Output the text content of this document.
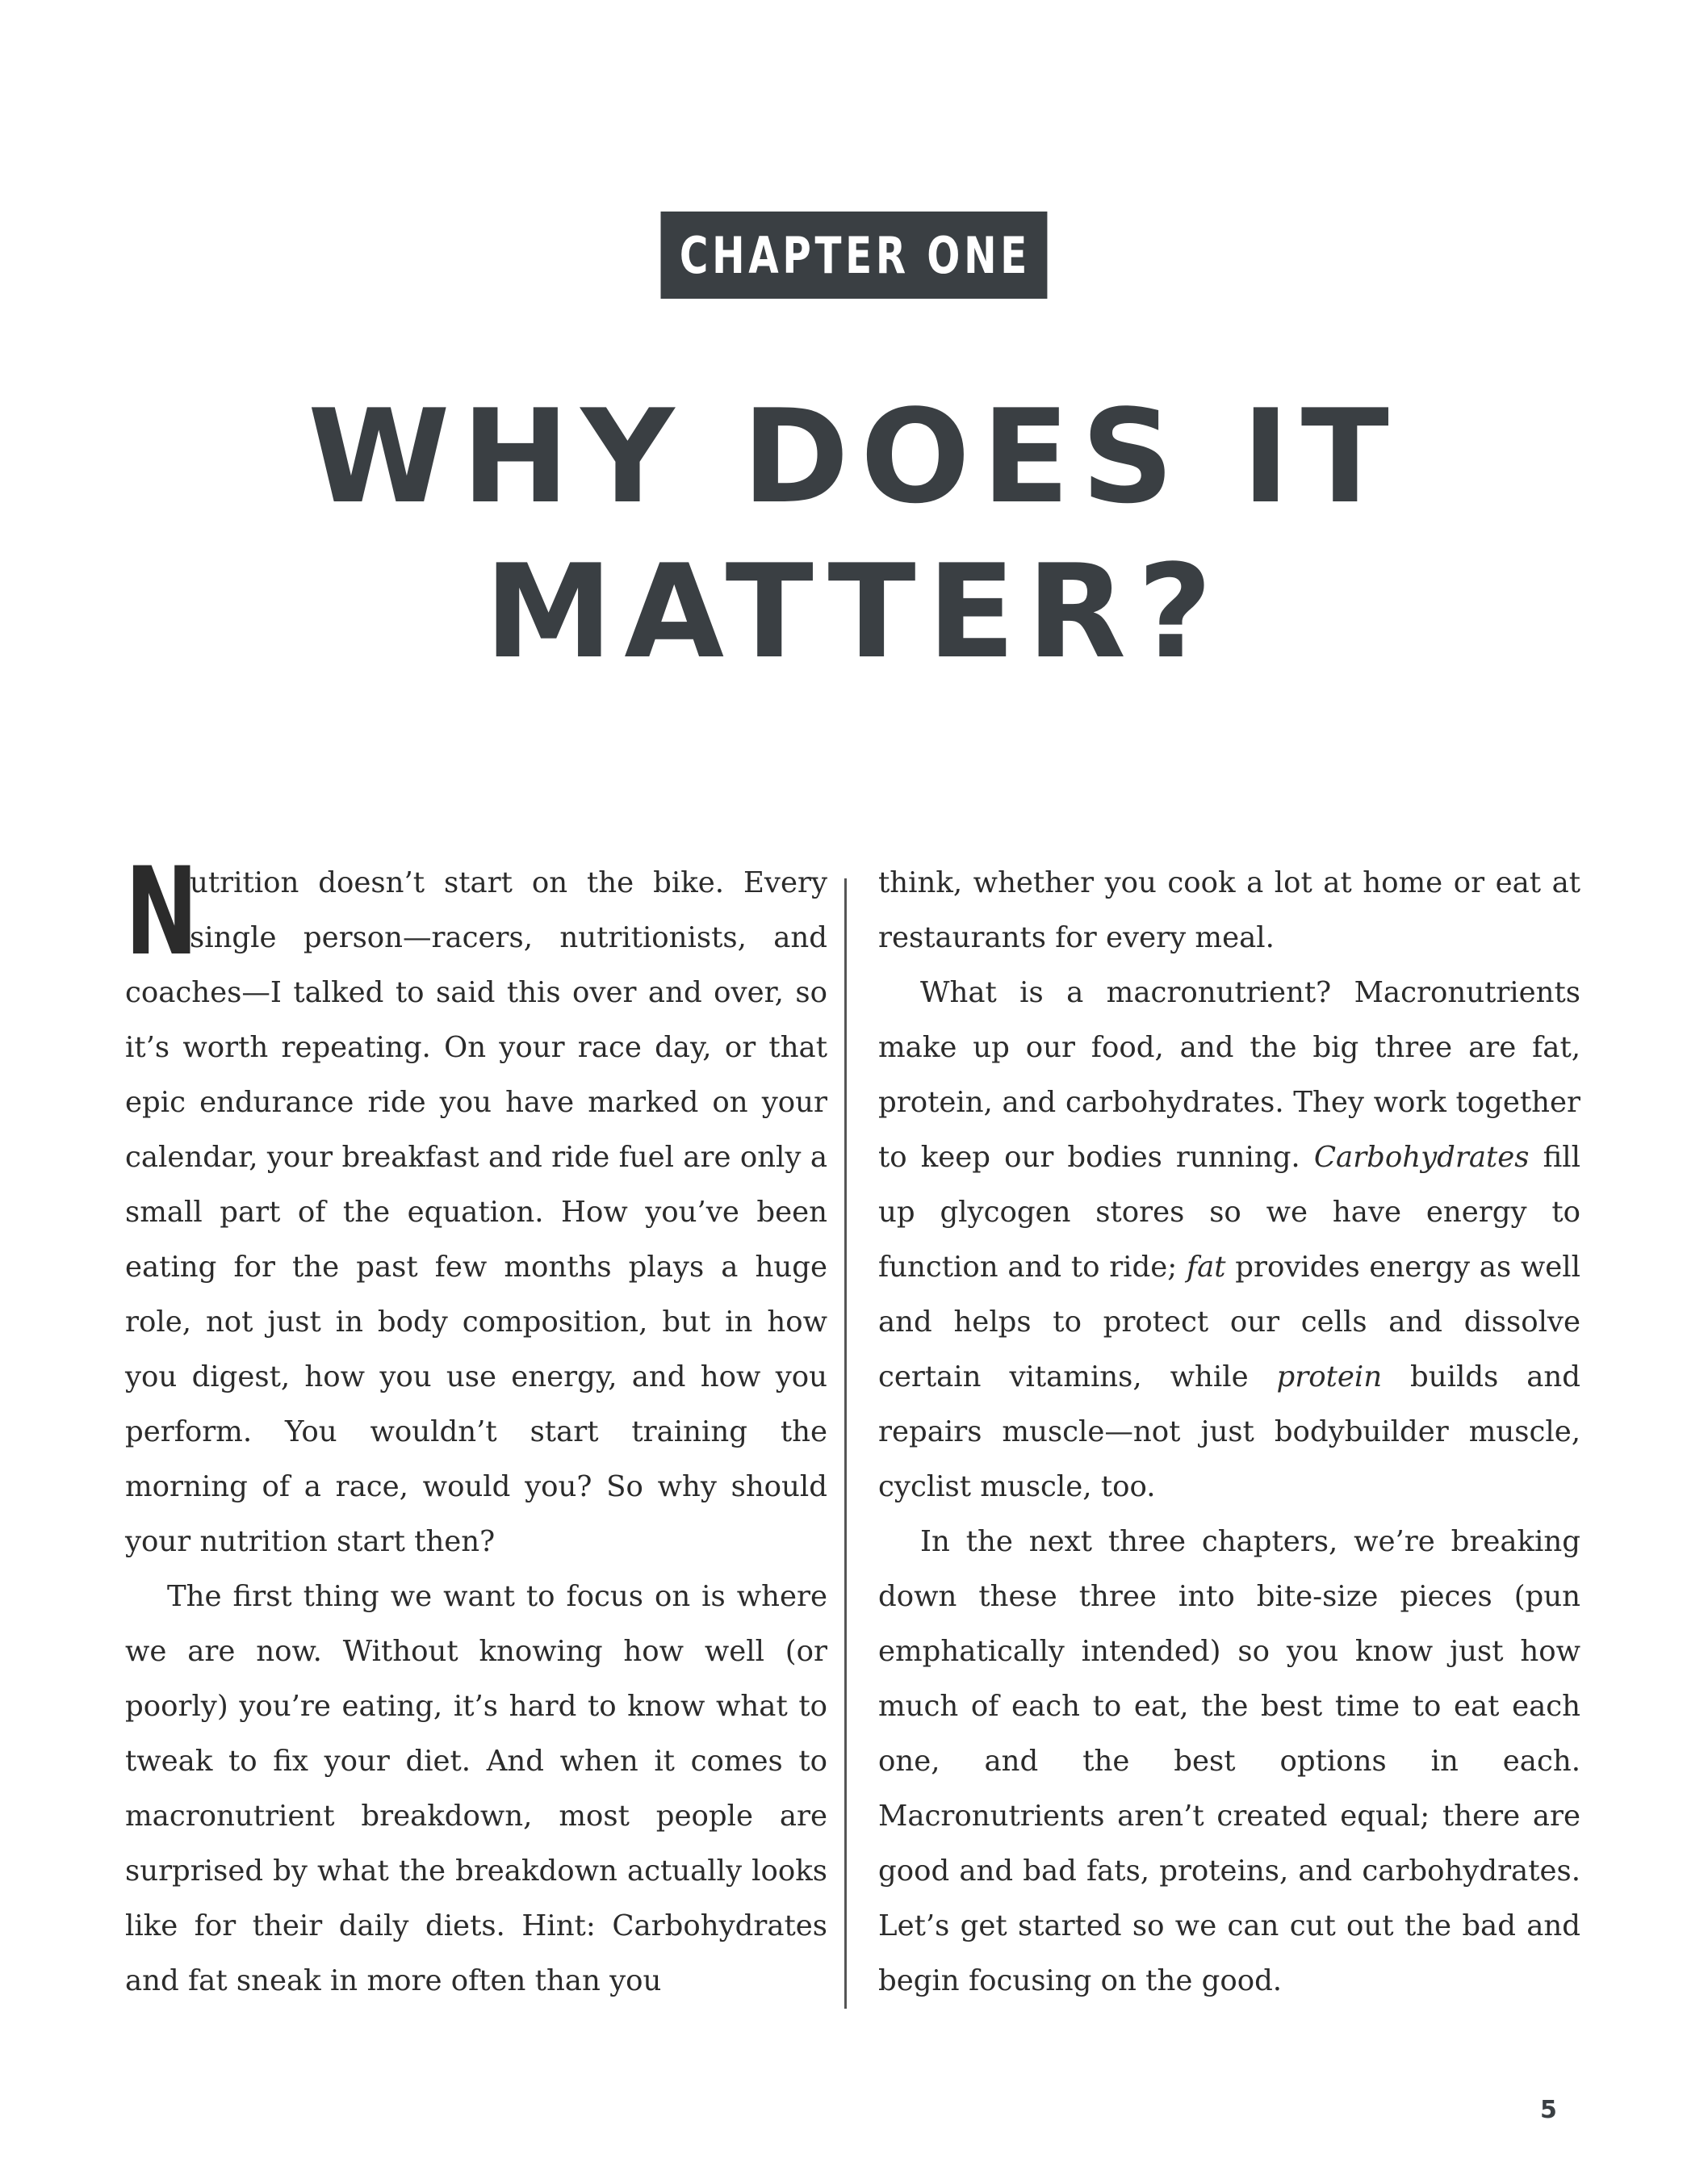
CHAPTER ONE
WHY DOES IT
MATTER?

N
utrition doesn’t start on the bike. Every single person—racers, nutritionists, and coaches—I talked to said this over and over, so it’s worth repeating. On your race day, or that epic endurance ride you have marked on your calendar, your breakfast and ride fuel are only a small part of the equation. How you’ve been eating for the past few months plays a huge role, not just in body composition, but in how you digest, how you use energy, and how you perform. You wouldn’t start training the morning of a race, would you? So why should your nutrition start then?

The first thing we want to focus on is where we are now. Without knowing how well (or poorly) you’re eating, it’s hard to know what to tweak to fix your diet. And when it comes to macronutrient breakdown, most people are surprised by what the breakdown actually looks like for their daily diets. Hint: Carbohydrates and fat sneak in more often than you

think, whether you cook a lot at home or eat at restaurants for every meal.

What is a macronutrient? Macronutrients make up our food, and the big three are fat, protein, and carbohydrates. They work together to keep our bodies running. Carbohydrates fill up glycogen stores so we have energy to function and to ride; fat provides energy as well and helps to protect our cells and dissolve certain vitamins, while protein builds and repairs muscle—not just bodybuilder muscle, cyclist muscle, too.

In the next three chapters, we’re breaking down these three into bite-size pieces (pun emphatically intended) so you know just how much of each to eat, the best time to eat each one, and the best options in each. Macronutrients aren’t created equal; there are good and bad fats, proteins, and carbohydrates. Let’s get started so we can cut out the bad and begin focusing on the good.

5
